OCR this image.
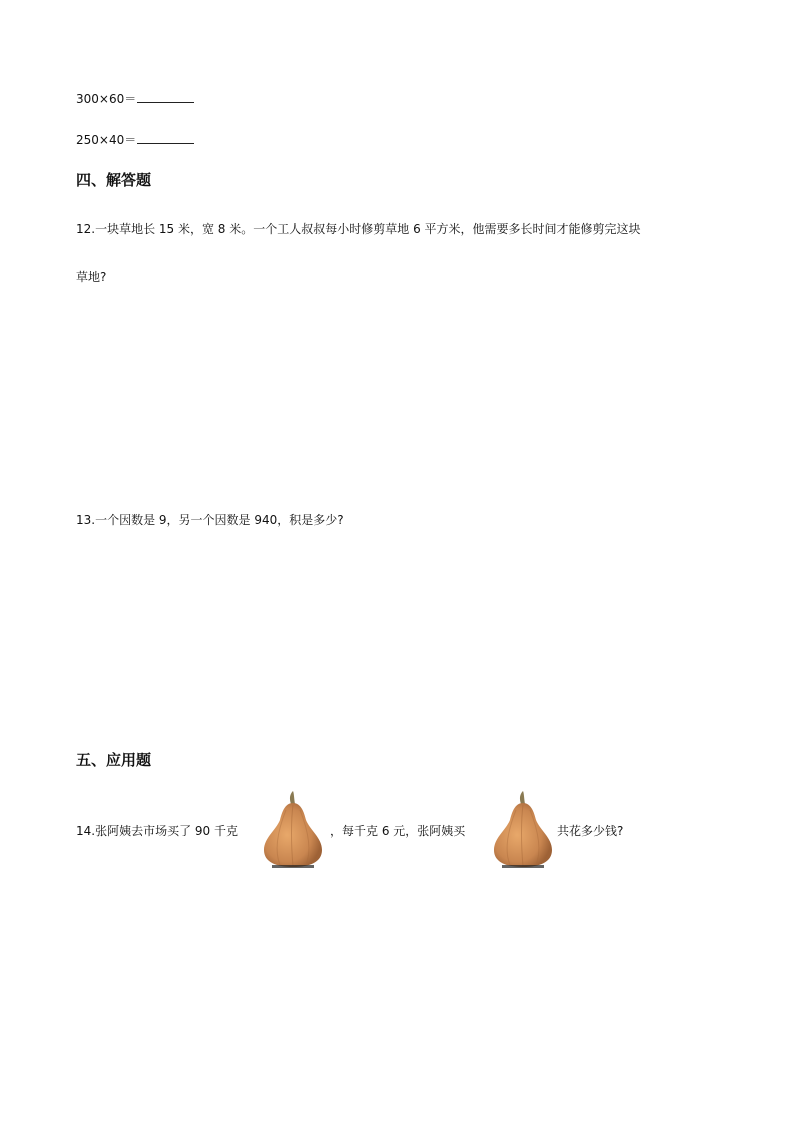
300×60＝
250×40＝
四、解答题
12.一块草地长 15 米，宽 8 米。一个工人叔叔每小时修剪草地 6 平方米，他需要多长时间才能修剪完这块
草地?
13.一个因数是 9，另一个因数是 940，积是多少?
五、应用题
14.张阿姨去市场买了 90 千克	，每千克 6 元，张阿姨买	共花多少钱?
